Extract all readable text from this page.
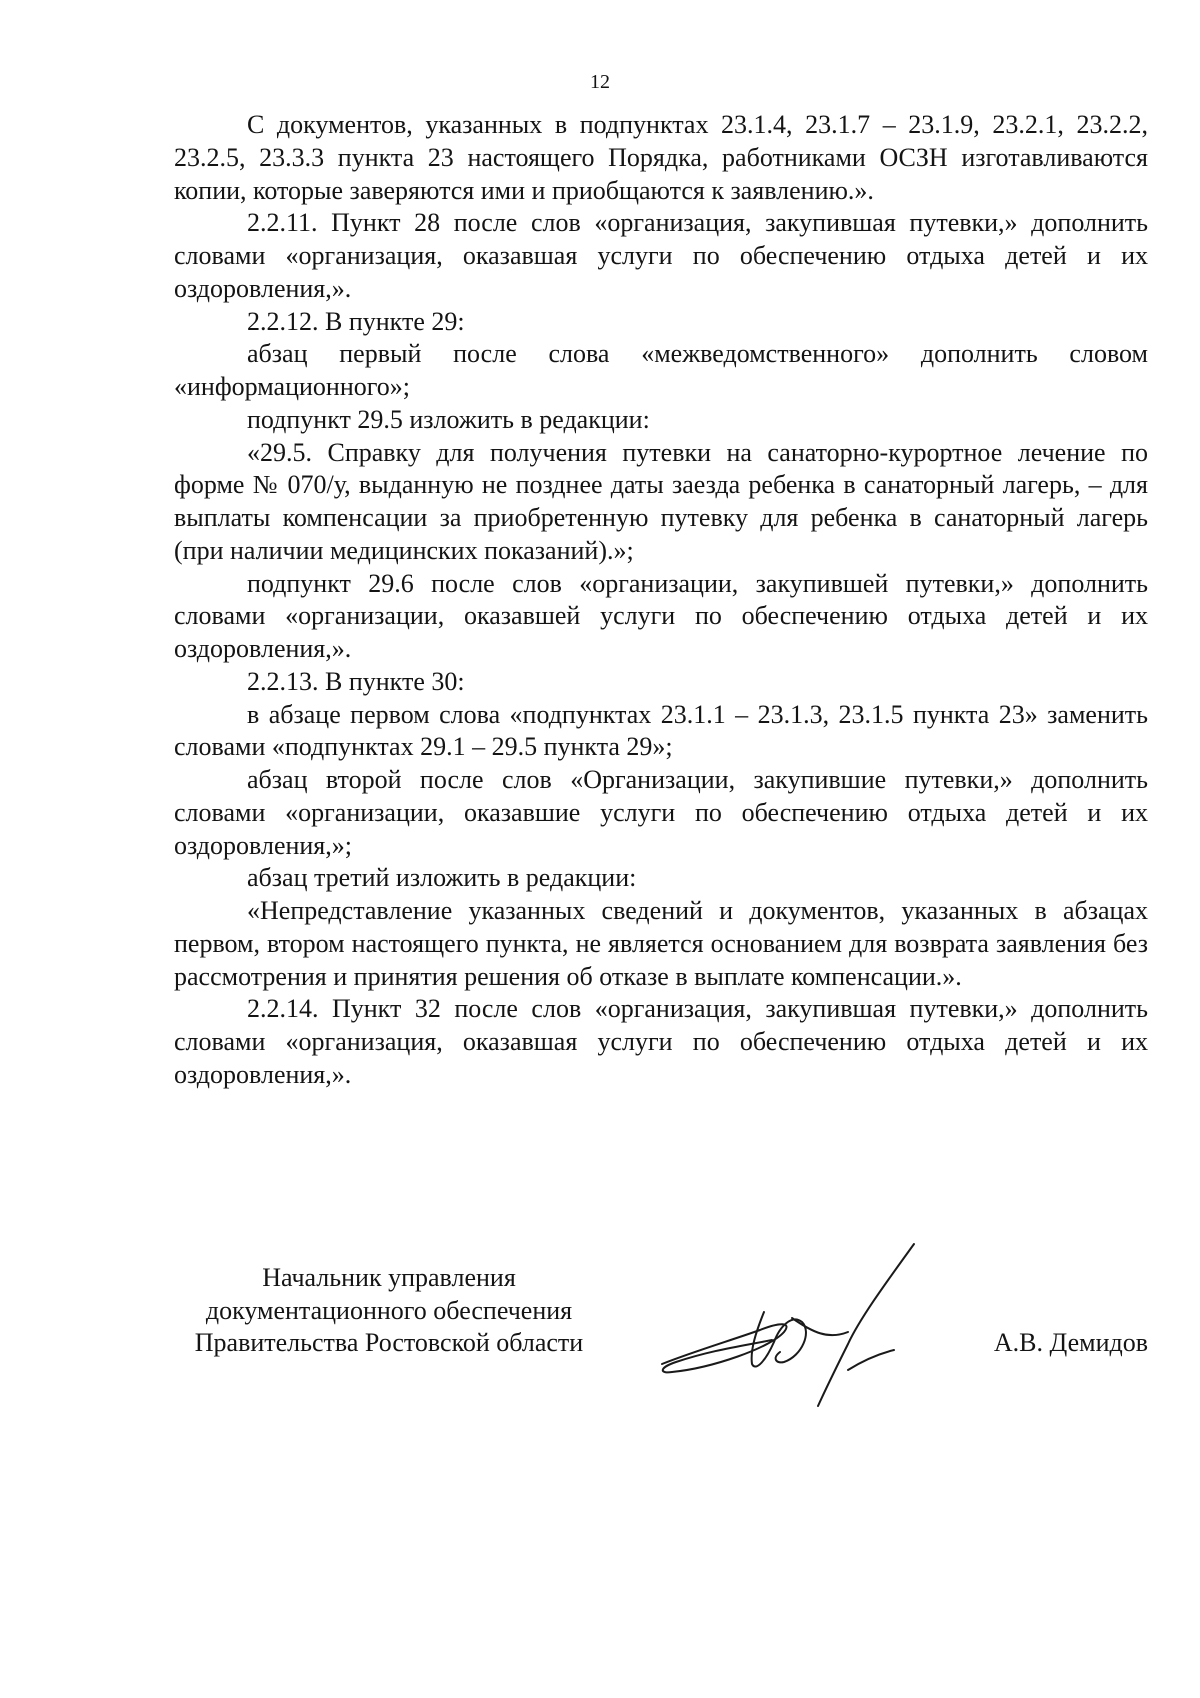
12

С документов, указанных в подпунктах 23.1.4, 23.1.7 – 23.1.9, 23.2.1, 23.2.2, 23.2.5, 23.3.3 пункта 23 настоящего Порядка, работниками ОСЗН изготавливаются копии, которые заверяются ими и приобщаются к заявлению.».

2.2.11. Пункт 28 после слов «организация, закупившая путевки,» дополнить словами «организация, оказавшая услуги по обеспечению отдыха детей и их оздоровления,».

2.2.12. В пункте 29:

абзац первый после слова «межведомственного» дополнить словом «информационного»;

подпункт 29.5 изложить в редакции:

«29.5. Справку для получения путевки на санаторно-курортное лечение по форме № 070/у, выданную не позднее даты заезда ребенка в санаторный лагерь, – для выплаты компенсации за приобретенную путевку для ребенка в санаторный лагерь (при наличии медицинских показаний).»;

подпункт 29.6 после слов «организации, закупившей путевки,» дополнить словами «организации, оказавшей услуги по обеспечению отдыха детей и их оздоровления,».

2.2.13. В пункте 30:

в абзаце первом слова «подпунктах 23.1.1 – 23.1.3, 23.1.5 пункта 23» заменить словами «подпунктах 29.1 – 29.5 пункта 29»;

абзац второй после слов «Организации, закупившие путевки,» дополнить словами «организации, оказавшие услуги по обеспечению отдыха детей и их оздоровления,»;

абзац третий изложить в редакции:

«Непредставление указанных сведений и документов, указанных в абзацах первом, втором настоящего пункта, не является основанием для возврата заявления без рассмотрения и принятия решения об отказе в выплате компенсации.».

2.2.14. Пункт 32 после слов «организация, закупившая путевки,» дополнить словами «организация, оказавшая услуги по обеспечению отдыха детей и их оздоровления,».

Начальник управления
документационного обеспечения
Правительства Ростовской области	А.В. Демидов
